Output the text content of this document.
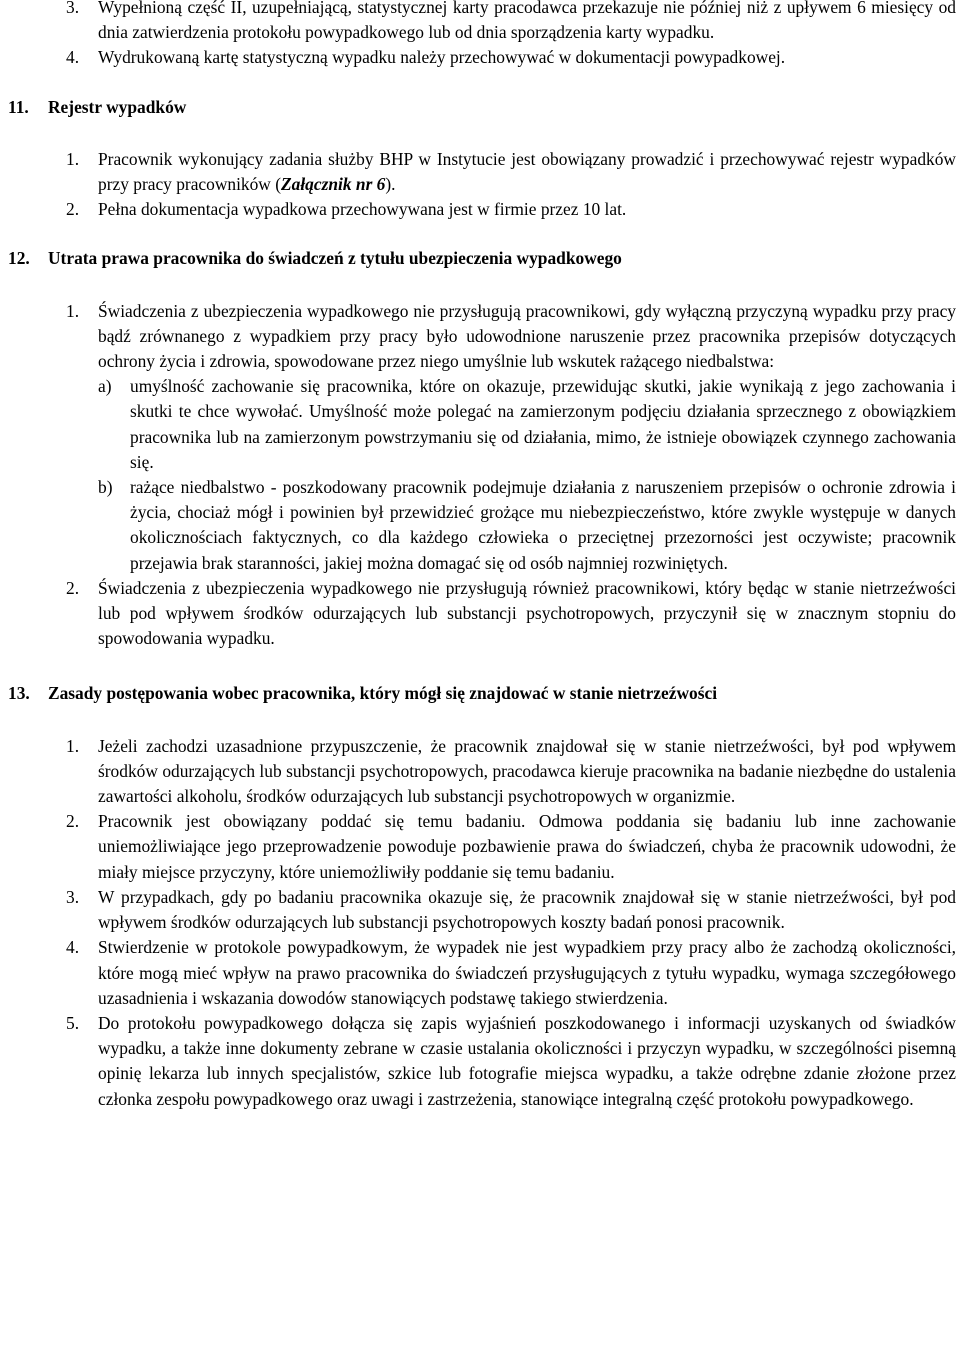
3. Wypełnioną część II, uzupełniającą, statystycznej karty pracodawca przekazuje nie później niż z upływem 6 miesięcy od dnia zatwierdzenia protokołu powypadkowego lub od dnia sporządzenia karty wypadku.
4. Wydrukowaną kartę statystyczną wypadku należy przechowywać w dokumentacji powypadkowej.
11. Rejestr wypadków
1. Pracownik wykonujący zadania służby BHP w Instytucie jest obowiązany prowadzić i przechowywać rejestr wypadków przy pracy pracowników (Załącznik nr 6).
2. Pełna dokumentacja wypadkowa przechowywana jest w firmie przez 10 lat.
12. Utrata prawa pracownika do świadczeń z tytułu ubezpieczenia wypadkowego
1. Świadczenia z ubezpieczenia wypadkowego nie przysługują pracownikowi, gdy wyłączną przyczyną wypadku przy pracy bądź zrównanego z wypadkiem przy pracy było udowodnione naruszenie przez pracownika przepisów dotyczących ochrony życia i zdrowia, spowodowane przez niego umyślnie lub wskutek rażącego niedbalstwa:
a) umyślność zachowanie się pracownika, które on okazuje, przewidując skutki, jakie wynikają z jego zachowania i skutki te chce wywołać. Umyślność może polegać na zamierzonym podjęciu działania sprzecznego z obowiązkiem pracownika lub na zamierzonym powstrzymaniu się od działania, mimo, że istnieje obowiązek czynnego zachowania się.
b) rażące niedbalstwo - poszkodowany pracownik podejmuje działania z naruszeniem przepisów o ochronie zdrowia i życia, chociaż mógł i powinien był przewidzieć grożące mu niebezpieczeństwo, które zwykle występuje w danych okolicznościach faktycznych, co dla każdego człowieka o przeciętnej przezorności jest oczywiste; pracownik przejawia brak staranności, jakiej można domagać się od osób najmniej rozwiniętych.
2. Świadczenia z ubezpieczenia wypadkowego nie przysługują również pracownikowi, który będąc w stanie nietrzeźwości lub pod wpływem środków odurzających lub substancji psychotropowych, przyczynił się w znacznym stopniu do spowodowania wypadku.
13. Zasady postępowania wobec pracownika, który mógł się znajdować w stanie nietrzeźwości
1. Jeżeli zachodzi uzasadnione przypuszczenie, że pracownik znajdował się w stanie nietrzeźwości, był pod wpływem środków odurzających lub substancji psychotropowych, pracodawca kieruje pracownika na badanie niezbędne do ustalenia zawartości alkoholu, środków odurzających lub substancji psychotropowych w organizmie.
2. Pracownik jest obowiązany poddać się temu badaniu. Odmowa poddania się badaniu lub inne zachowanie uniemożliwiające jego przeprowadzenie powoduje pozbawienie prawa do świadczeń, chyba że pracownik udowodni, że miały miejsce przyczyny, które uniemożliwiły poddanie się temu badaniu.
3. W przypadkach, gdy po badaniu pracownika okazuje się, że pracownik znajdował się w stanie nietrzeźwości, był pod wpływem środków odurzających lub substancji psychotropowych koszty badań ponosi pracownik.
4. Stwierdzenie w protokole powypadkowym, że wypadek nie jest wypadkiem przy pracy albo że zachodzą okoliczności, które mogą mieć wpływ na prawo pracownika do świadczeń przysługujących z tytułu wypadku, wymaga szczegółowego uzasadnienia i wskazania dowodów stanowiących podstawę takiego stwierdzenia.
5. Do protokołu powypadkowego dołącza się zapis wyjaśnień poszkodowanego i informacji uzyskanych od świadków wypadku, a także inne dokumenty zebrane w czasie ustalania okoliczności i przyczyn wypadku, w szczególności pisemną opinię lekarza lub innych specjalistów, szkice lub fotografie miejsca wypadku, a także odrębne zdanie złożone przez członka zespołu powypadkowego oraz uwagi i zastrzeżenia, stanowiące integralną część protokołu powypadkowego.
